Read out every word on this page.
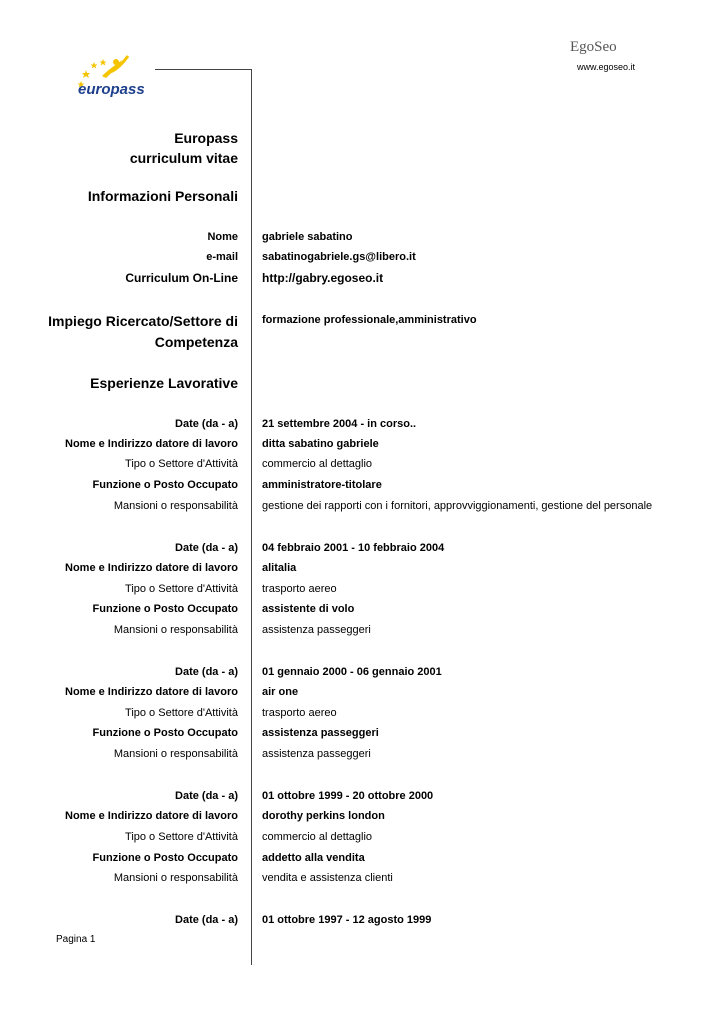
europass
EgoSeo
www.egoseo.it
Europass
curriculum vitae
Informazioni Personali
Nome gabriele sabatino
e-mail sabatinogabriele.gs@libero.it
Curriculum On-Line http://gabry.egoseo.it
Impiego Ricercato/Settore di
Competenza
formazione professionale,amministrativo
Esperienze Lavorative
Date (da - a) 21 settembre 2004 - in corso..
Nome e Indirizzo datore di lavoro ditta sabatino gabriele
Tipo o Settore d'Attività commercio al dettaglio
Funzione o Posto Occupato amministratore-titolare
Mansioni o responsabilità gestione dei rapporti con i fornitori, approvviggionamenti, gestione del personale
Date (da - a) 04 febbraio 2001 - 10 febbraio 2004
Nome e Indirizzo datore di lavoro alitalia
Tipo o Settore d'Attività trasporto aereo
Funzione o Posto Occupato assistente di volo
Mansioni o responsabilità assistenza passeggeri
Date (da - a) 01 gennaio 2000 - 06 gennaio 2001
Nome e Indirizzo datore di lavoro air one
Tipo o Settore d'Attività trasporto aereo
Funzione o Posto Occupato assistenza passeggeri
Mansioni o responsabilità assistenza passeggeri
Date (da - a) 01 ottobre 1999 - 20 ottobre 2000
Nome e Indirizzo datore di lavoro dorothy perkins london
Tipo o Settore d'Attività commercio al dettaglio
Funzione o Posto Occupato addetto alla vendita
Mansioni o responsabilità vendita e assistenza clienti
Date (da - a) 01 ottobre 1997 - 12 agosto 1999
Pagina 1
